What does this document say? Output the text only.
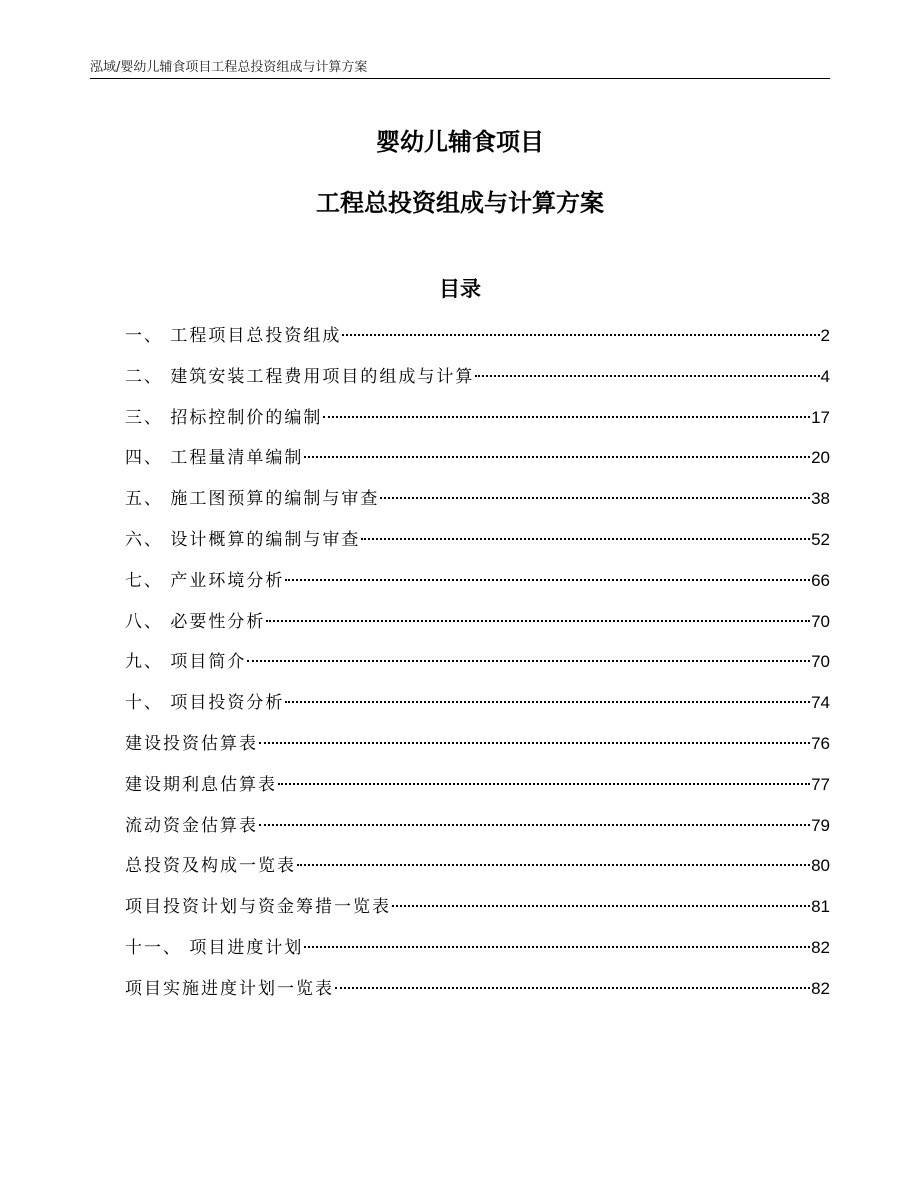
泓域/婴幼儿辅食项目工程总投资组成与计算方案
婴幼儿辅食项目
工程总投资组成与计算方案
目录
一、 工程项目总投资组成	2
二、 建筑安装工程费用项目的组成与计算	4
三、 招标控制价的编制	17
四、 工程量清单编制	20
五、 施工图预算的编制与审查	38
六、 设计概算的编制与审查	52
七、 产业环境分析	66
八、 必要性分析	70
九、 项目简介	70
十、 项目投资分析	74
建设投资估算表	76
建设期利息估算表	77
流动资金估算表	79
总投资及构成一览表	80
项目投资计划与资金筹措一览表	81
十一、 项目进度计划	82
项目实施进度计划一览表	82
